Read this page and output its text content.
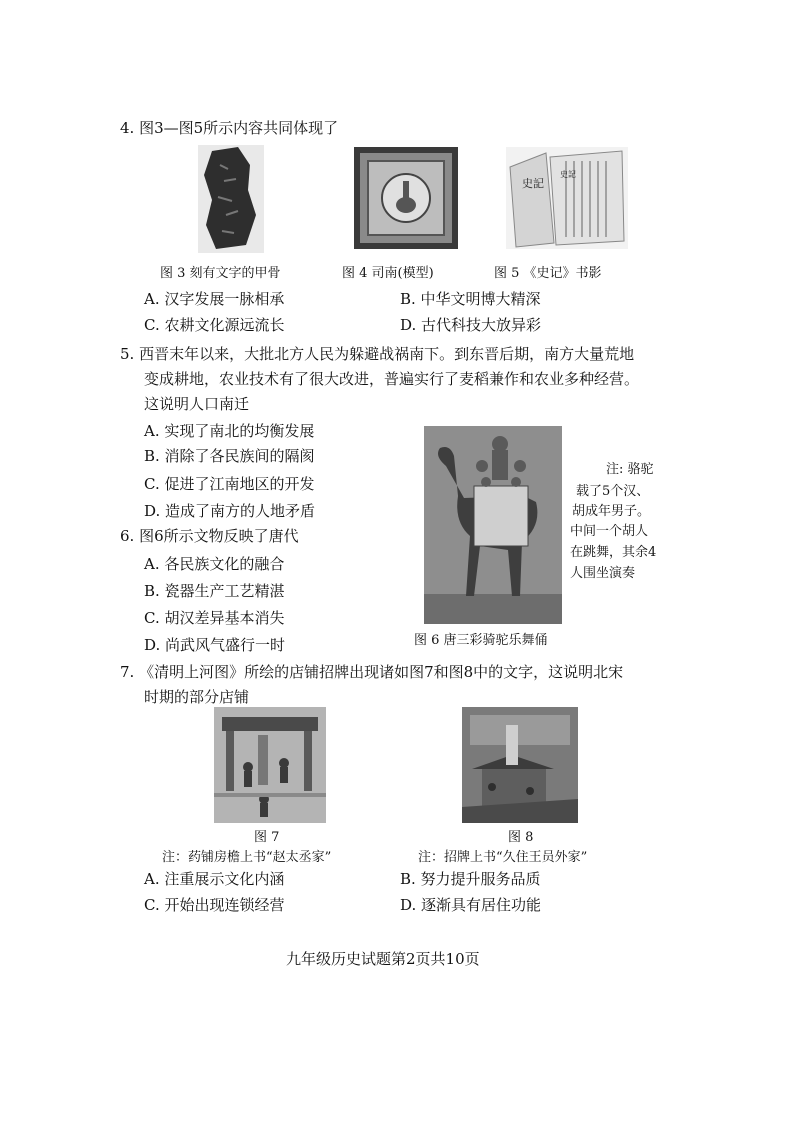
4. 图3—图5所示内容共同体现了
史記
史記
图 3 刻有文字的甲骨	图 4 司南(模型)	图 5 《史记》书影
A. 汉字发展一脉相承	B. 中华文明博大精深
C. 农耕文化源远流长	D. 古代科技大放异彩
5. 西晋末年以来，大批北方人民为躲避战祸南下。到东晋后期，南方大量荒地
变成耕地，农业技术有了很大改进，普遍实行了麦稻兼作和农业多种经营。
这说明人口南迁
A. 实现了南北的均衡发展
B. 消除了各民族间的隔阂
C. 促进了江南地区的开发
D. 造成了南方的人地矛盾
注: 骆驼
载了5个汉、
胡成年男子。
中间一个胡人
在跳舞，其余4
人围坐演奏
图 6 唐三彩骑驼乐舞俑
6. 图6所示文物反映了唐代
A. 各民族文化的融合
B. 瓷器生产工艺精湛
C. 胡汉差异基本消失
D. 尚武风气盛行一时
7. 《清明上河图》所绘的店铺招牌出现诸如图7和图8中的文字，这说明北宋
时期的部分店铺
图 7	图 8
注：药铺房檐上书“赵太丞家”	注：招牌上书“久住王员外家”
A. 注重展示文化内涵	B. 努力提升服务品质
C. 开始出现连锁经营	D. 逐渐具有居住功能
九年级历史试题第2页共10页
